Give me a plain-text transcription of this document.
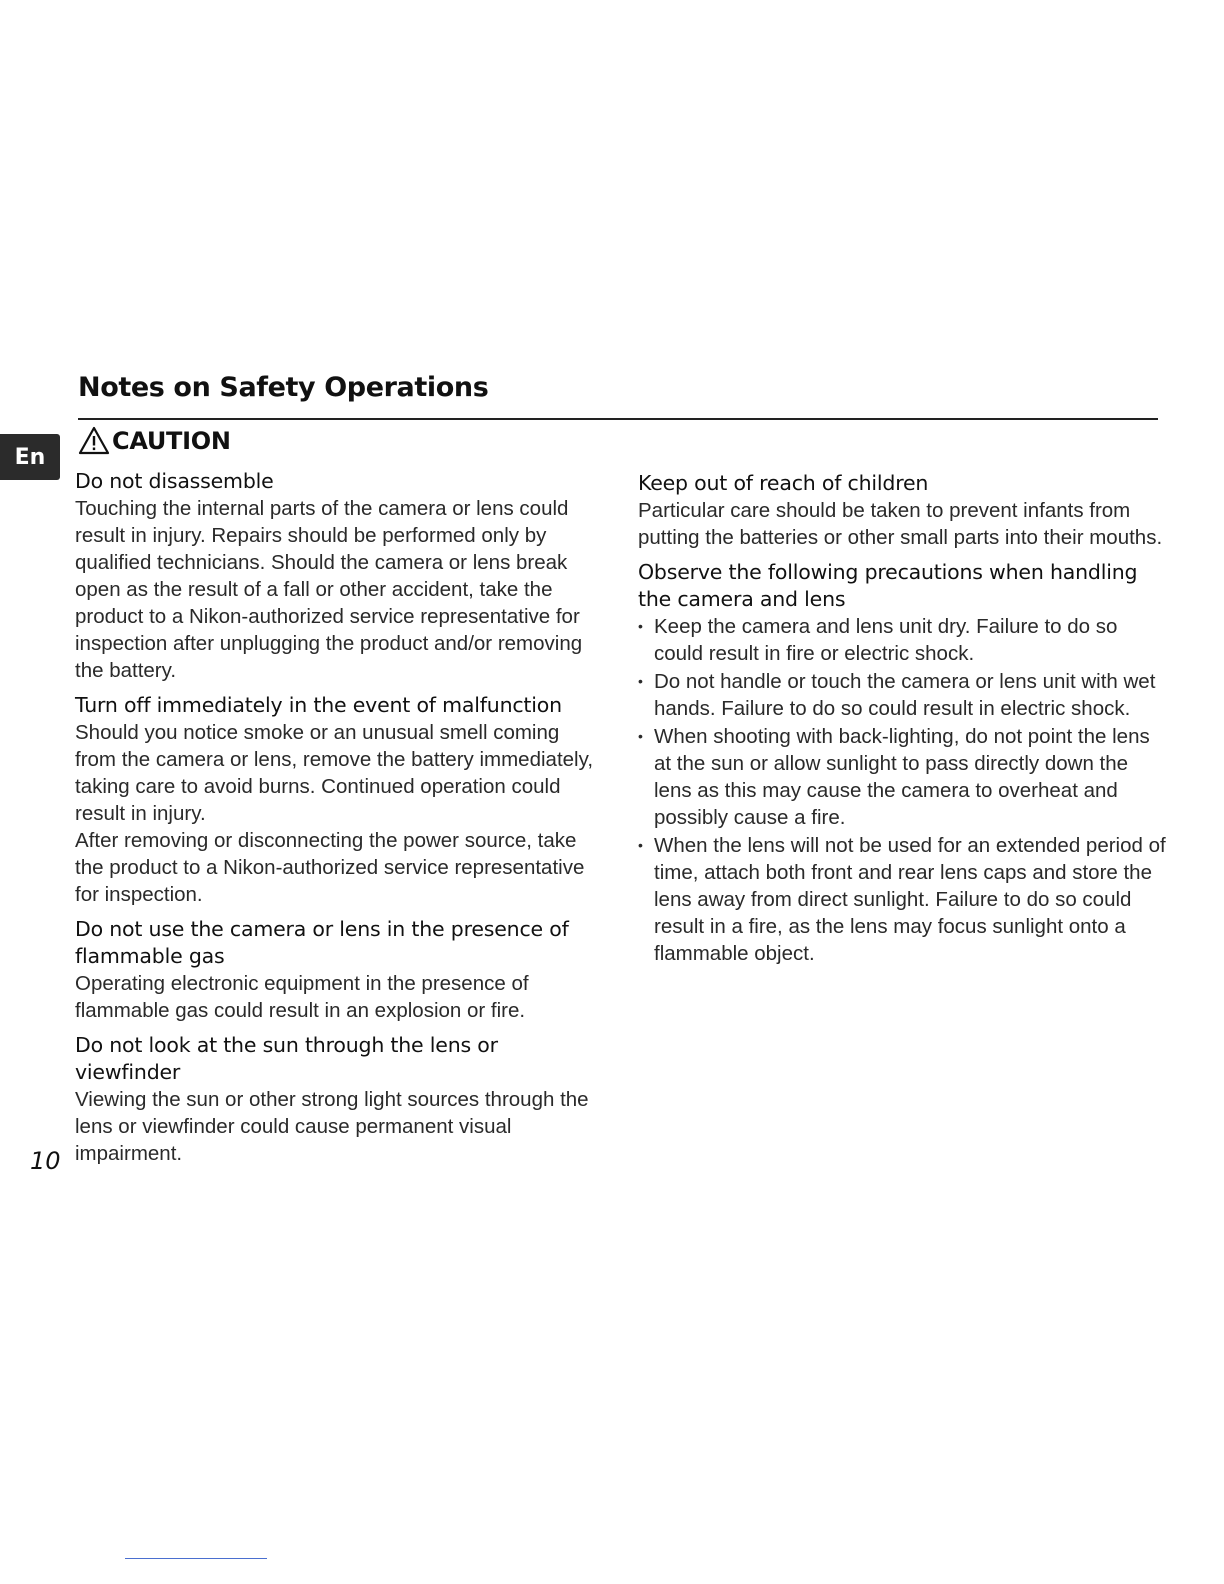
Notes on Safety Operations
En
CAUTION
Do not disassemble

Touching the internal parts of the camera or lens could result in injury. Repairs should be performed only by qualified technicians. Should the camera or lens break open as the result of a fall or other accident, take the product to a Nikon-authorized service representative for inspection after unplugging the product and/or removing the battery.

Turn off immediately in the event of malfunction

Should you notice smoke or an unusual smell coming from the camera or lens, remove the battery immediately, taking care to avoid burns. Continued operation could result in injury.

After removing or disconnecting the power source, take the product to a Nikon-authorized service representative for inspection.

Do not use the camera or lens in the presence of flammable gas

Operating electronic equipment in the presence of flammable gas could result in an explosion or fire.

Do not look at the sun through the lens or viewfinder

Viewing the sun or other strong light sources through the lens or viewfinder could cause permanent visual impairment.

Keep out of reach of children

Particular care should be taken to prevent infants from putting the batteries or other small parts into their mouths.

Observe the following precautions when handling the camera and lens
• Keep the camera and lens unit dry. Failure to do so could result in fire or electric shock.
• Do not handle or touch the camera or lens unit with wet hands. Failure to do so could result in electric shock.
• When shooting with back-lighting, do not point the lens at the sun or allow sunlight to pass directly down the lens as this may cause the camera to overheat and possibly cause a fire.
• When the lens will not be used for an extended period of time, attach both front and rear lens caps and store the lens away from direct sunlight. Failure to do so could result in a fire, as the lens may focus sunlight onto a flammable object.
10
